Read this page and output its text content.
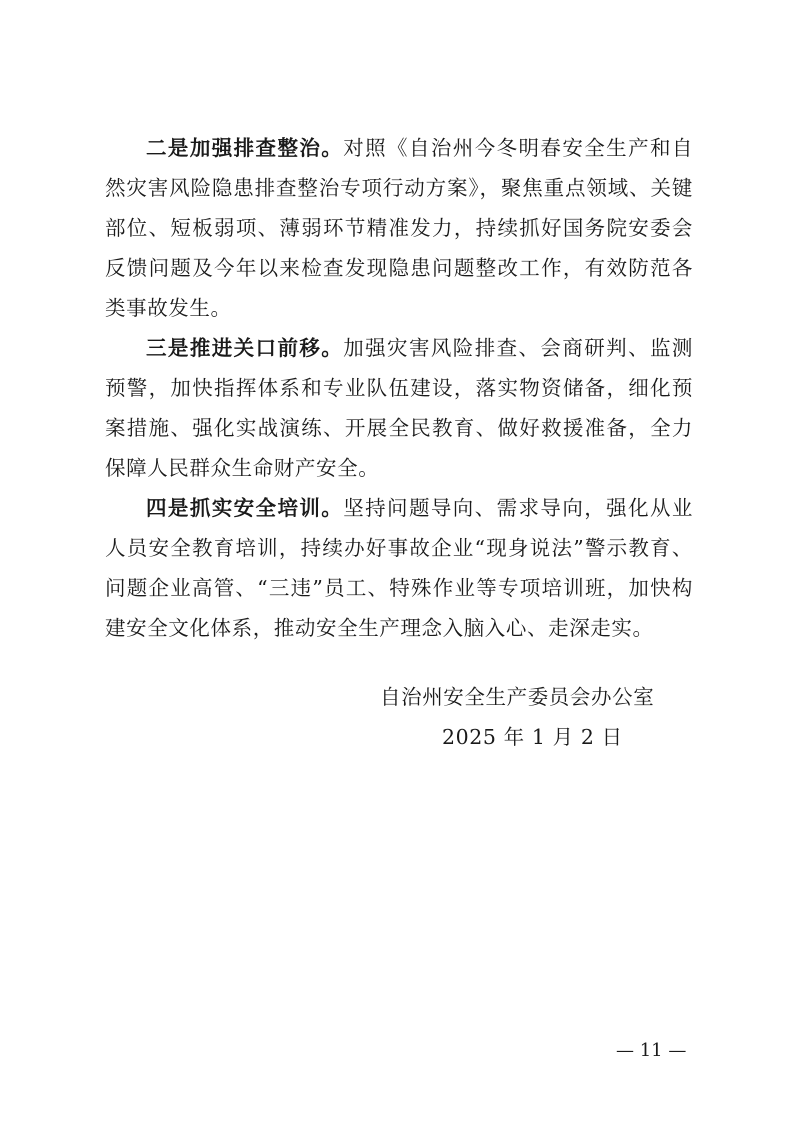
二是加强排查整治。对照《自治州今冬明春安全生产和自然灾害风险隐患排查整治专项行动方案》，聚焦重点领域、关键部位、短板弱项、薄弱环节精准发力，持续抓好国务院安委会反馈问题及今年以来检查发现隐患问题整改工作，有效防范各类事故发生。

三是推进关口前移。加强灾害风险排查、会商研判、监测预警，加快指挥体系和专业队伍建设，落实物资储备，细化预案措施、强化实战演练、开展全民教育、做好救援准备，全力保障人民群众生命财产安全。

四是抓实安全培训。坚持问题导向、需求导向，强化从业人员安全教育培训，持续办好事故企业“现身说法”警示教育、问题企业高管、“三违”员工、特殊作业等专项培训班，加快构建安全文化体系，推动安全生产理念入脑入心、走深走实。

自治州安全生产委员会办公室
2025 年 1 月 2 日
— 11 —
